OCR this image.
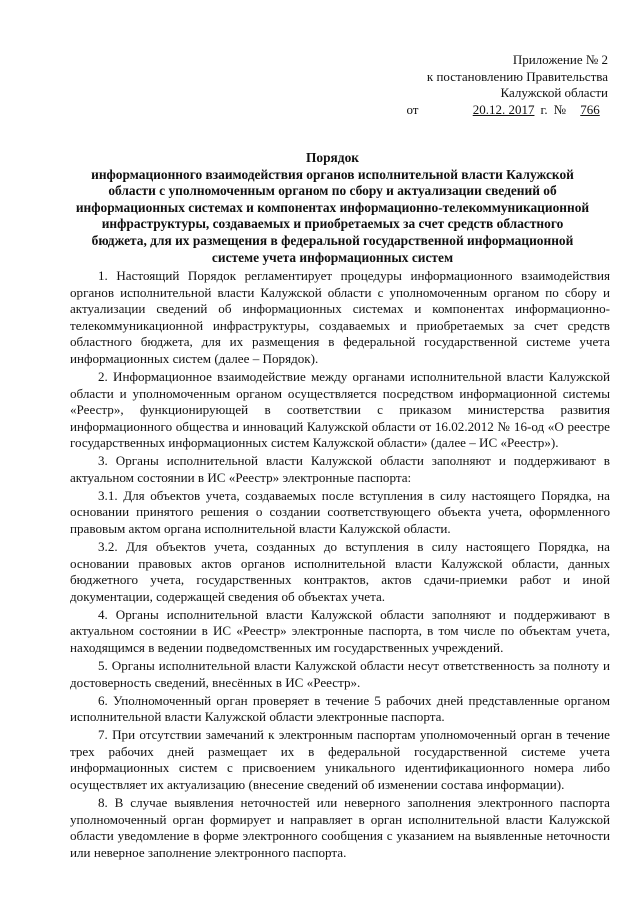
Приложение № 2
к постановлению Правительства
Калужской области
от	20.12. 2017 г. № 766
Порядок
информационного взаимодействия органов исполнительной власти Калужской
области с уполномоченным органом по сбору и актуализации сведений об
информационных системах и компонентах информационно-телекоммуникационной
инфраструктуры, создаваемых и приобретаемых за счет средств областного
бюджета, для их размещения в федеральной государственной информационной
системе учета информационных систем

1. Настоящий Порядок регламентирует процедуры информационного взаимодействия органов исполнительной власти Калужской области с уполномоченным органом по сбору и актуализации сведений об информационных системах и компонентах информационно-телекоммуникационной инфраструктуры, создаваемых и приобретаемых за счет средств областного бюджета, для их размещения в федеральной государственной системе учета информационных систем (далее – Порядок).

2. Информационное взаимодействие между органами исполнительной власти Калужской области и уполномоченным органом осуществляется посредством информационной системы «Реестр», функционирующей в соответствии с приказом министерства развития информационного общества и инноваций Калужской области от 16.02.2012 № 16-од «О реестре государственных информационных систем Калужской области» (далее – ИС «Реестр»).

3. Органы исполнительной власти Калужской области заполняют и поддерживают в актуальном состоянии в ИС «Реестр» электронные паспорта:

3.1. Для объектов учета, создаваемых после вступления в силу настоящего Порядка, на основании принятого решения о создании соответствующего объекта учета, оформленного правовым актом органа исполнительной власти Калужской области.

3.2. Для объектов учета, созданных до вступления в силу настоящего Порядка, на основании правовых актов органов исполнительной власти Калужской области, данных бюджетного учета, государственных контрактов, актов сдачи-приемки работ и иной документации, содержащей сведения об объектах учета.

4. Органы исполнительной власти Калужской области заполняют и поддерживают в актуальном состоянии в ИС «Реестр» электронные паспорта, в том числе по объектам учета, находящимся в ведении подведомственных им государственных учреждений.

5. Органы исполнительной власти Калужской области несут ответственность за полноту и достоверность сведений, внесённых в ИС «Реестр».

6. Уполномоченный орган проверяет в течение 5 рабочих дней представленные органом исполнительной власти Калужской области электронные паспорта.

7. При отсутствии замечаний к электронным паспортам уполномоченный орган в течение трех рабочих дней размещает их в федеральной государственной системе учета информационных систем с присвоением уникального идентификационного номера либо осуществляет их актуализацию (внесение сведений об изменении состава информации).

8. В случае выявления неточностей или неверного заполнения электронного паспорта уполномоченный орган формирует и направляет в орган исполнительной власти Калужской области уведомление в форме электронного сообщения с указанием на выявленные неточности или неверное заполнение электронного паспорта.
